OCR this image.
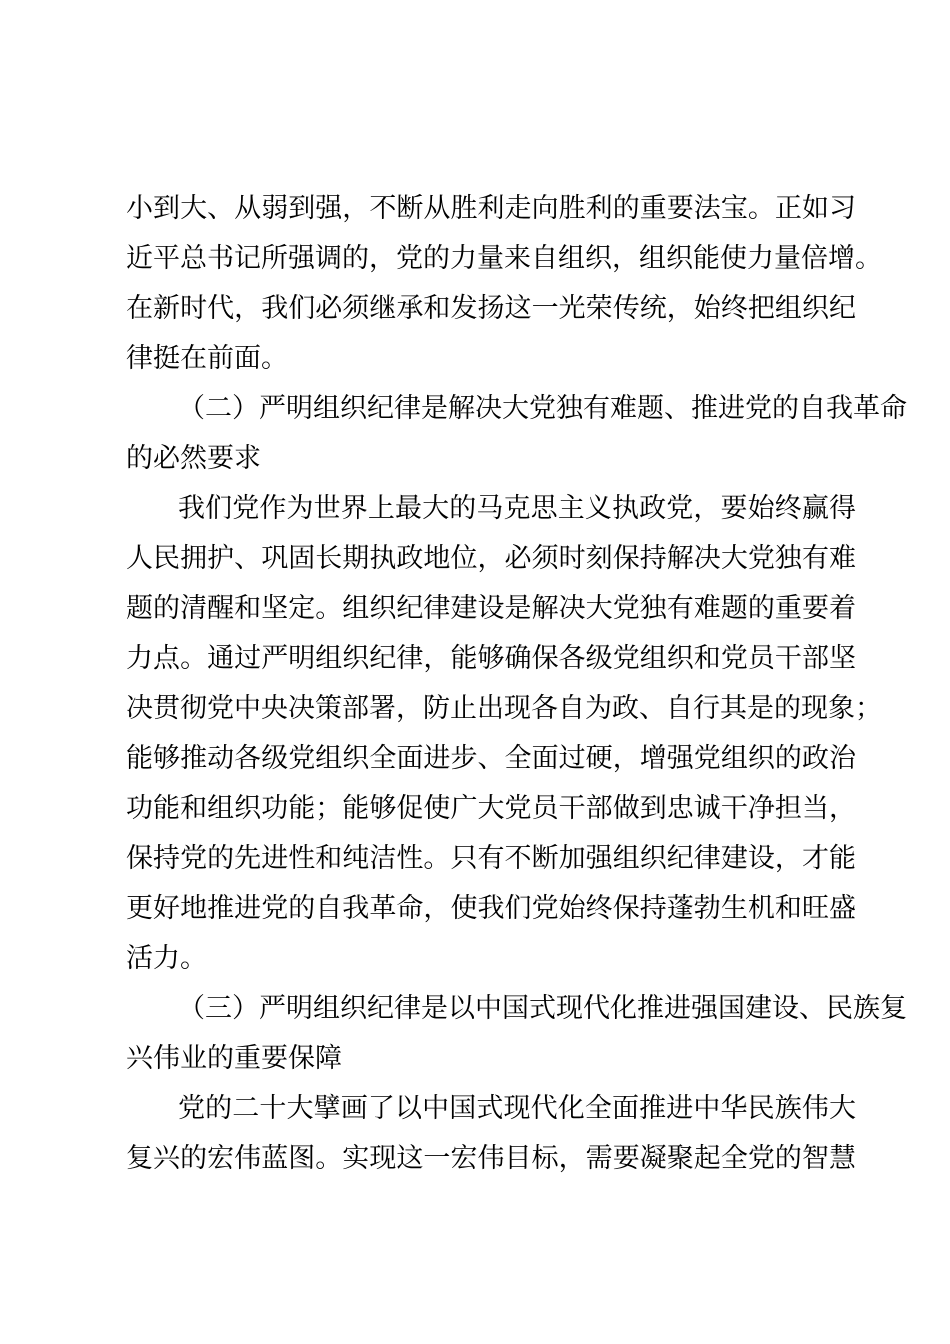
小到大、从弱到强，不断从胜利走向胜利的重要法宝。正如习
近平总书记所强调的，党的力量来自组织，组织能使力量倍增。
在新时代，我们必须继承和发扬这一光荣传统，始终把组织纪
律挺在前面。
（二）严明组织纪律是解决大党独有难题、推进党的自我革命
的必然要求
我们党作为世界上最大的马克思主义执政党，要始终赢得
人民拥护、巩固长期执政地位，必须时刻保持解决大党独有难
题的清醒和坚定。组织纪律建设是解决大党独有难题的重要着
力点。通过严明组织纪律，能够确保各级党组织和党员干部坚
决贯彻党中央决策部署，防止出现各自为政、自行其是的现象；
能够推动各级党组织全面进步、全面过硬，增强党组织的政治
功能和组织功能；能够促使广大党员干部做到忠诚干净担当，
保持党的先进性和纯洁性。只有不断加强组织纪律建设，才能
更好地推进党的自我革命，使我们党始终保持蓬勃生机和旺盛
活力。
（三）严明组织纪律是以中国式现代化推进强国建设、民族复
兴伟业的重要保障
党的二十大擘画了以中国式现代化全面推进中华民族伟大
复兴的宏伟蓝图。实现这一宏伟目标，需要凝聚起全党的智慧
